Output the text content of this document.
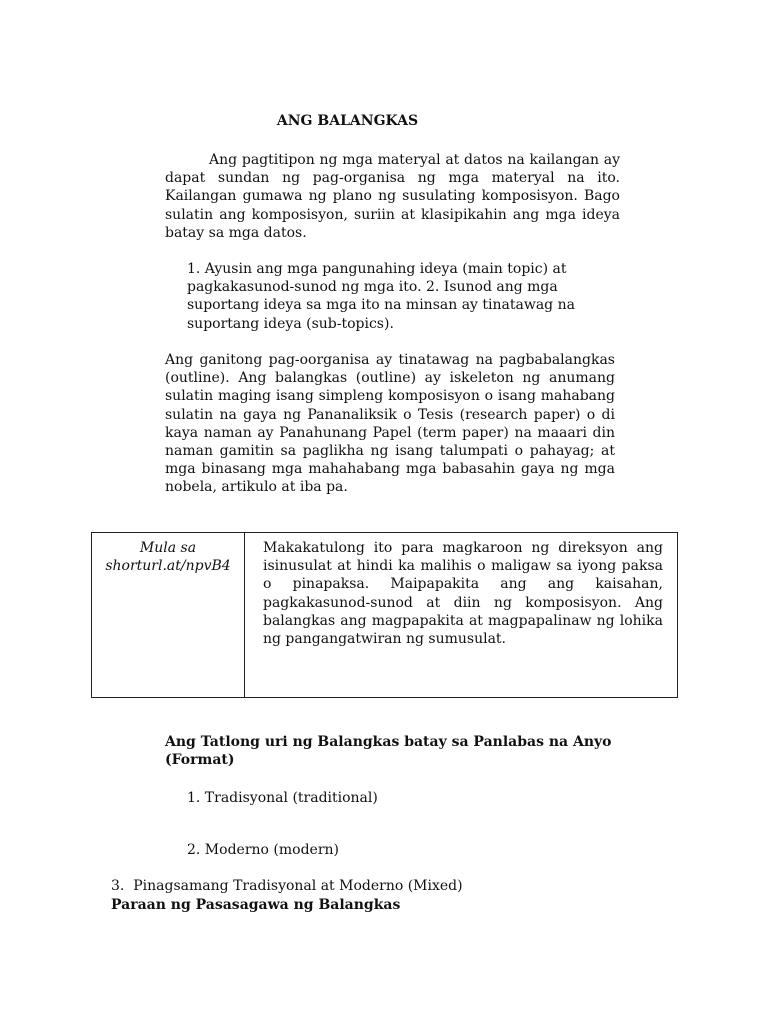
ANG BALANGKAS
Ang pagtitipon ng mga materyal at datos na kailangan ay dapat sundan ng pag-organisa ng mga materyal na ito. Kailangan gumawa ng plano ng susulating komposisyon. Bago sulatin ang komposisyon, suriin at klasipikahin ang mga ideya batay sa mga datos.
1. Ayusin ang mga pangunahing ideya (main topic) at pagkakasunod-sunod ng mga ito. 2. Isunod ang mga suportang ideya sa mga ito na minsan ay tinatawag na suportang ideya (sub-topics).
Ang ganitong pag-oorganisa ay tinatawag na pagbabalangkas (outline). Ang balangkas (outline) ay iskeleton ng anumang sulatin maging isang simpleng komposisyon o isang mahabang sulatin na gaya ng Pananaliksik o Tesis (research paper) o di kaya naman ay Panahunang Papel (term paper) na maaari din naman gamitin sa paglikha ng isang talumpati o pahayag; at mga binasang mga mahahabang mga babasahin gaya ng mga nobela, artikulo at iba pa.
Mula sa shorturl.at/npvB4
Makakatulong ito para magkaroon ng direksyon ang isinusulat at hindi ka malihis o maligaw sa iyong paksa o pinapaksa. Maipapakita ang ang kaisahan, pagkakasunod-sunod at diin ng komposisyon. Ang balangkas ang magpapakita at magpapalinaw ng lohika ng pangangatwiran ng sumusulat.
Ang Tatlong uri ng Balangkas batay sa Panlabas na Anyo (Format)
1. Tradisyonal (traditional)
2. Moderno (modern)
3.  Pinagsamang Tradisyonal at Moderno (Mixed)
Paraan ng Pasasagawa ng Balangkas
